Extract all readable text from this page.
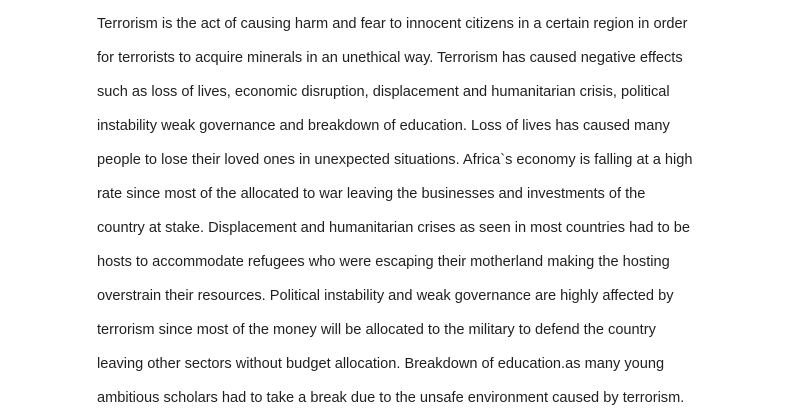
Terrorism is the act of causing harm and fear to innocent citizens in a certain region in order
for terrorists to acquire minerals in an unethical way. Terrorism has caused negative effects
such as loss of lives, economic disruption, displacement and humanitarian crisis, political
instability weak governance and breakdown of education. Loss of lives has caused many
people to lose their loved ones in unexpected situations. Africa`s economy is falling at a high
rate since most of the allocated to war leaving the businesses and investments of the
country at stake. Displacement and humanitarian crises as seen in most countries had to be
hosts to accommodate refugees who were escaping their motherland making the hosting
overstrain their resources. Political instability and weak governance are highly affected by
terrorism since most of the money will be allocated to the military to defend the country
leaving other sectors without budget allocation. Breakdown of education.as many young
ambitious scholars had to take a break due to the unsafe environment caused by terrorism.
